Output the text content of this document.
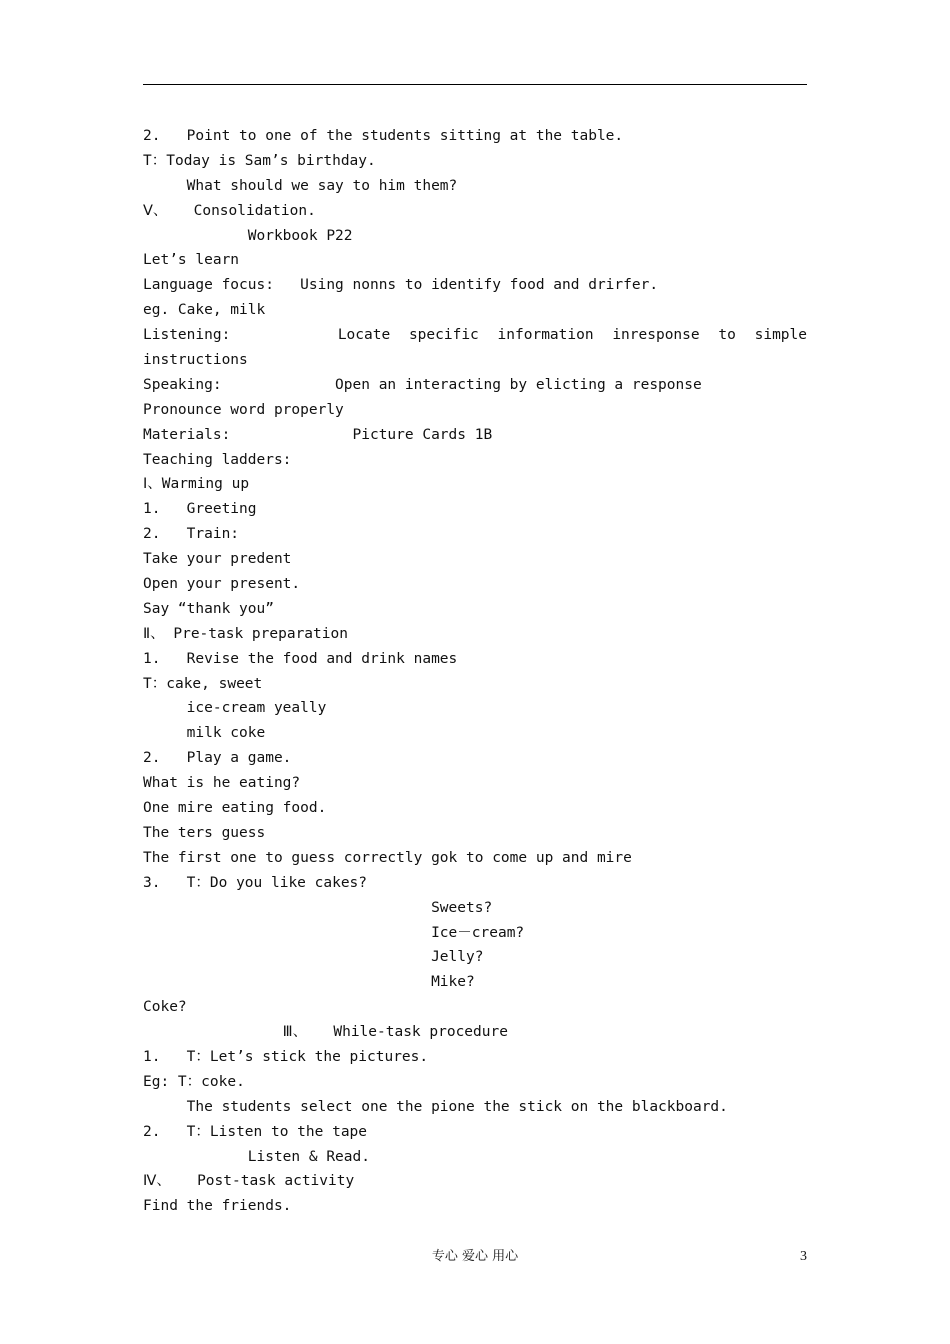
2.   Point to one of the students sitting at the table.
T：Today is Sam’s birthday.
What should we say to him them?
Ⅴ、   Consolidation.
Workbook P22
Let’s learn
Language focus:   Using nonns to identify food and drirfer.
eg. Cake, milk
Listening:	Locate specific information inresponse to simple
instructions
Speaking:             Open an interacting by elicting a response
Pronounce word properly
Materials:              Picture Cards 1B
Teaching ladders:
Ⅰ、Warming up
1.   Greeting
2.   Train:
Take your predent
Open your present.
Say “thank you”
Ⅱ、 Pre-task preparation
1.   Revise the food and drink names
T：cake, sweet
ice-cream yeally
milk coke
2.   Play a game.
What is he eating?
One mire eating food.
The ters guess
The first one to guess correctly gok to come up and mire
3.   T：Do you like cakes?
Sweets?
Ice－cream?
Jelly?
Mike?
Coke?
Ⅲ、   While-task procedure
1.   T：Let’s stick the pictures.
Eg: T：coke.
The students select one the pione the stick on the blackboard.
2.   T：Listen to the tape
Listen & Read.
Ⅳ、   Post-task activity
Find the friends.
专心 爱心 用心	3
